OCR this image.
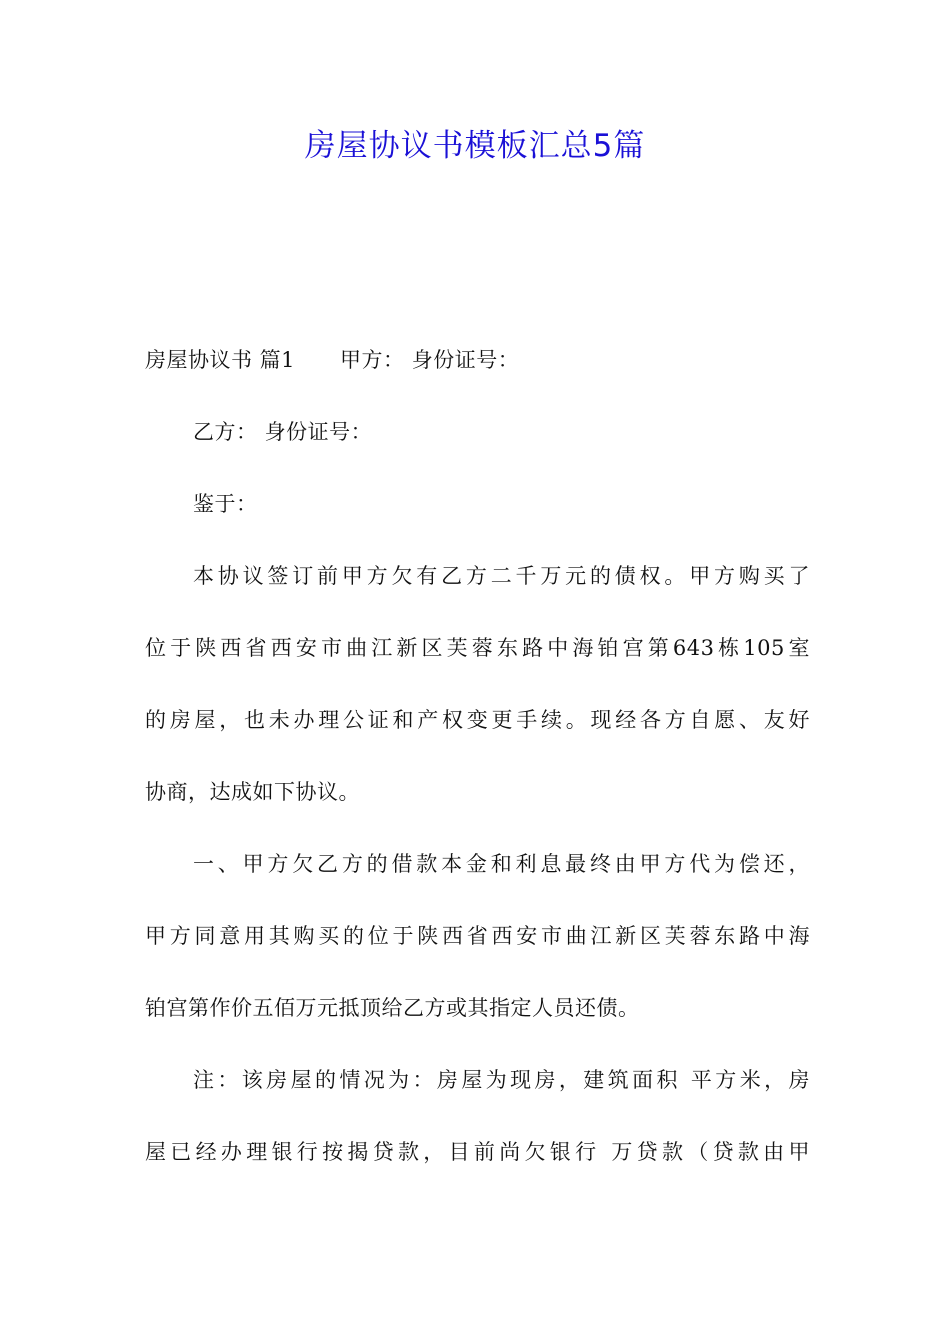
房屋协议书模板汇总5篇
房屋协议书 篇1 甲方： 身份证号：
乙方： 身份证号：
鉴于：
本协议签订前甲方欠有乙方二千万元的债权。甲方购买了
位于陕西省西安市曲江新区芙蓉东路中海铂宫第643栋105室
的房屋，也未办理公证和产权变更手续。现经各方自愿、友好
协商，达成如下协议。
一、甲方欠乙方的借款本金和利息最终由甲方代为偿还，
甲方同意用其购买的位于陕西省西安市曲江新区芙蓉东路中海
铂宫第作价五佰万元抵顶给乙方或其指定人员还债。
注：该房屋的情况为：房屋为现房，建筑面积 平方米，房
屋已经办理银行按揭贷款，目前尚欠银行 万贷款（贷款由甲
